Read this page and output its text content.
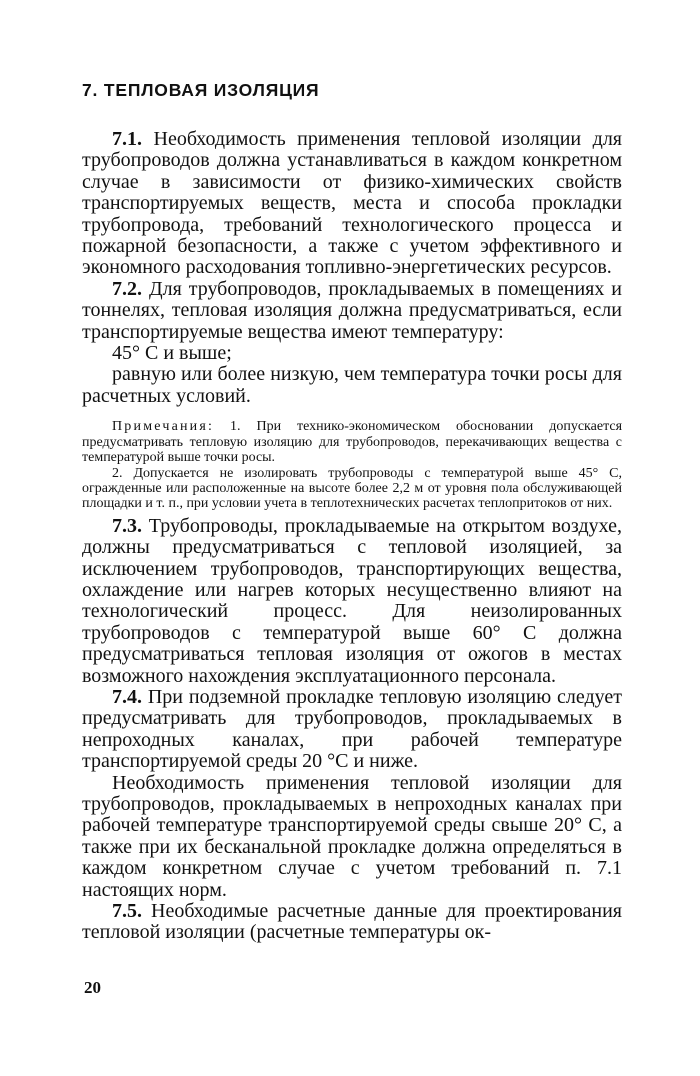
7. ТЕПЛОВАЯ ИЗОЛЯЦИЯ

7.1. Необходимость применения тепловой изоляции для трубопроводов должна устанавливаться в каждом конкретном случае в зависимости от физико-химических свойств транспортируемых веществ, места и способа прокладки трубопровода, требований технологического процесса и пожарной безопасности, а также с учетом эффективного и экономного расходования топливно-энергетических ресурсов.

7.2. Для трубопроводов, прокладываемых в помещениях и тоннелях, тепловая изоляция должна предусматриваться, если транспортируемые вещества имеют температуру:

45° С и выше;

равную или более низкую, чем температура точки росы для расчетных условий.

Примечания: 1. При технико-экономическом обосновании допускается предусматривать тепловую изоляцию для трубопроводов, перекачивающих вещества с температурой выше точки росы.

2. Допускается не изолировать трубопроводы с температурой выше 45° С, огражденные или расположенные на высоте более 2,2 м от уровня пола обслуживающей площадки и т. п., при условии учета в теплотехнических расчетах теплопритоков от них.

7.3. Трубопроводы, прокладываемые на открытом воздухе, должны предусматриваться с тепловой изоляцией, за исключением трубопроводов, транспортирующих вещества, охлаждение или нагрев которых несущественно влияют на технологический процесс. Для неизолированных трубопроводов с температурой выше 60° С должна предусматриваться тепловая изоляция от ожогов в местах возможного нахождения эксплуатационного персонала.

7.4. При подземной прокладке тепловую изоляцию следует предусматривать для трубопроводов, прокладываемых в непроходных каналах, при рабочей температуре транспортируемой среды 20 °С и ниже.

Необходимость применения тепловой изоляции для трубопроводов, прокладываемых в непроходных каналах при рабочей температуре транспортируемой среды свыше 20° С, а также при их бесканальной прокладке должна определяться в каждом конкретном случае с учетом требований п. 7.1 настоящих норм.

7.5. Необходимые расчетные данные для проектирования тепловой изоляции (расчетные температуры ок-

20
